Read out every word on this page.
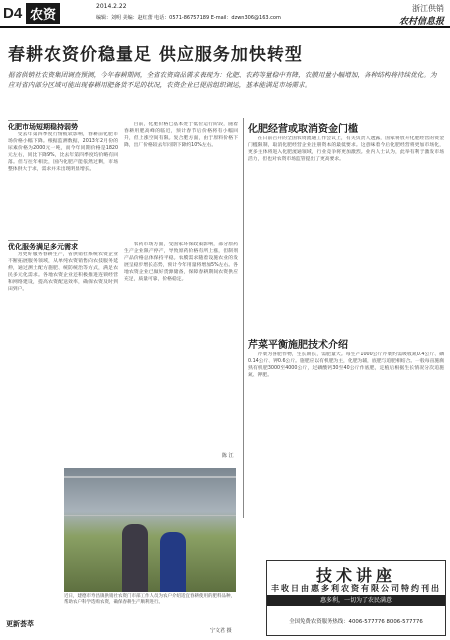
D4 农资
2014.2.22
编辑：刘明 美编：赵红蕾 电话：0571-86757189 E-mail：dzwn306@163.com
浙江供销
农村信息报
春耕农资价稳量足 供应服务加快转型
据省供销社农资集团调查预测，今年春耕期间，全省农资商品需求表现为：化肥、农药等量稳中有降，农膜用量小幅增加，各种结构将持续优化。为应对省内部分区域可能出现春耕用肥备货不足的状况，农资企业已提前组织调运，基本能满足市场需求。
化肥市场短期稳持弱势

受去年第四季度行情疲软影响，春耕前化肥市场价格小幅下降。根据监测数据，2013年2月份的尿素价格为2000元一吨，而今年同期价格是1820元左右，同比下降9%，比去年第四季度均价略有回落。但与往年相比，国内化肥产能依然过剩，市场整体供大于求，需求并未出现明显增长。

优化服务满足多元需求

为更好服务春耕生产，省供销社系统农资企业不断拓展服务领域，从单纯农资销售向农技服务延伸，通过测土配方施肥、统防统治等方式，满足农民多元化需求。各地农资企业还积极推进连锁经营和网络建设，提高农资配送效率，确保农资及时到田到户。

目前，化肥价格已基本处于低位运行阶段，随着春耕用肥高峰的临近，预计春节后价格将有小幅回升，但上涨空间有限。复合肥方面，由于原料价格下降，出厂价格较去年同期下降约10%左右。

农药市场方面，受国家环保政策影响，部分原药生产企业限产停产，导致原药价格有所上涨，但制剂产品价格总体保持平稳。农膜需求随着设施农业的发展呈稳步增长态势，预计今年用量将增加5%左右。各地农资企业已做好货源储备，保障春耕期间农资供应充足，质量可靠，价格稳定。

陈 江
近日，建德市寿昌镇供销社农资门市部工作人员为农户介绍适宜春耕使用的肥料品种，帮助农户科学选购农资，确保春耕生产顺利进行。
宁文君 摄
更新荟萃
化肥经营或取消资金门槛

在日前召开的全国农资流通工作会议上，有关负责人透露，国家将放开化肥经营的资金门槛限制，取消化肥经营企业注册资本的最低要求。这意味着今后化肥经营将更加市场化，更多主体将进入化肥流通领域，行业竞争将更加激烈。业内人士认为，此举有利于激发市场活力，但也对农资市场监管提出了更高要求。

芹菜平衡施肥技术介绍

芹菜为喜肥作物，生长期长，需肥量大。每生产1000公斤芹菜约需吸收氮0.4公斤、磷0.14公斤、钾0.6公斤。施肥应以有机肥为主，化肥为辅，底肥与追肥相结合。一般每亩施腐熟有机肥3000至4000公斤，过磷酸钙30至40公斤作底肥，定植后根据生长情况分次追施氮、钾肥。

技术讲座
丰收日由惠多利农资有限公司特约刊出
惠多利，一切为了农民满意
全国免费农资服务热线：4006-577776 8006-577776
